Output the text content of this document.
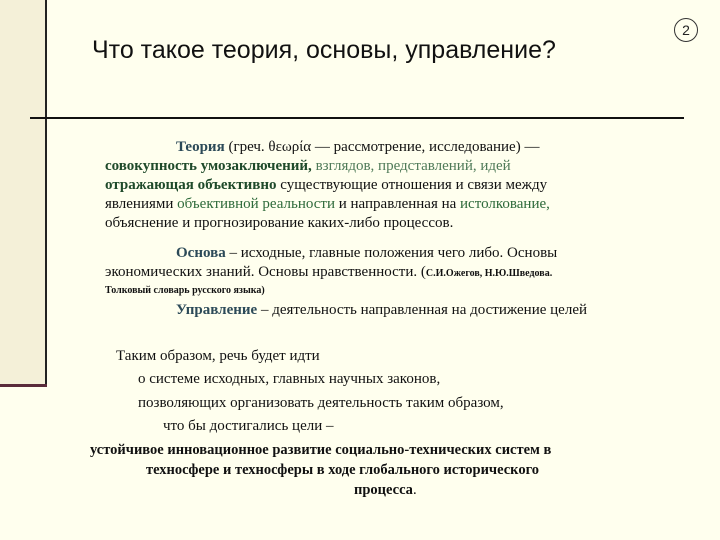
2
Что такое теория, основы, управление?

Теория (греч. θεωρία — рассмотрение, исследование) —

совокупность умозаключений, взглядов, представлений, идей

отражающая объективно существующие отношения и связи между

явлениями объективной реальности и направленная на истолкование,

объяснение и прогнозирование каких-либо процессов.

Основа – исходные, главные положения чего либо. Основы

экономических знаний. Основы нравственности. (С.И.Ожегов, Н.Ю.Шведова.

Толковый словарь русского языка)

Управление – деятельность направленная на достижение целей

Таким образом, речь будет идти

о системе исходных, главных научных законов,

позволяющих организовать деятельность таким образом,

что бы достигались цели –

устойчивое инновационное развитие социально-технических систем в

техносфере и техносферы в ходе глобального исторического

процесса.
